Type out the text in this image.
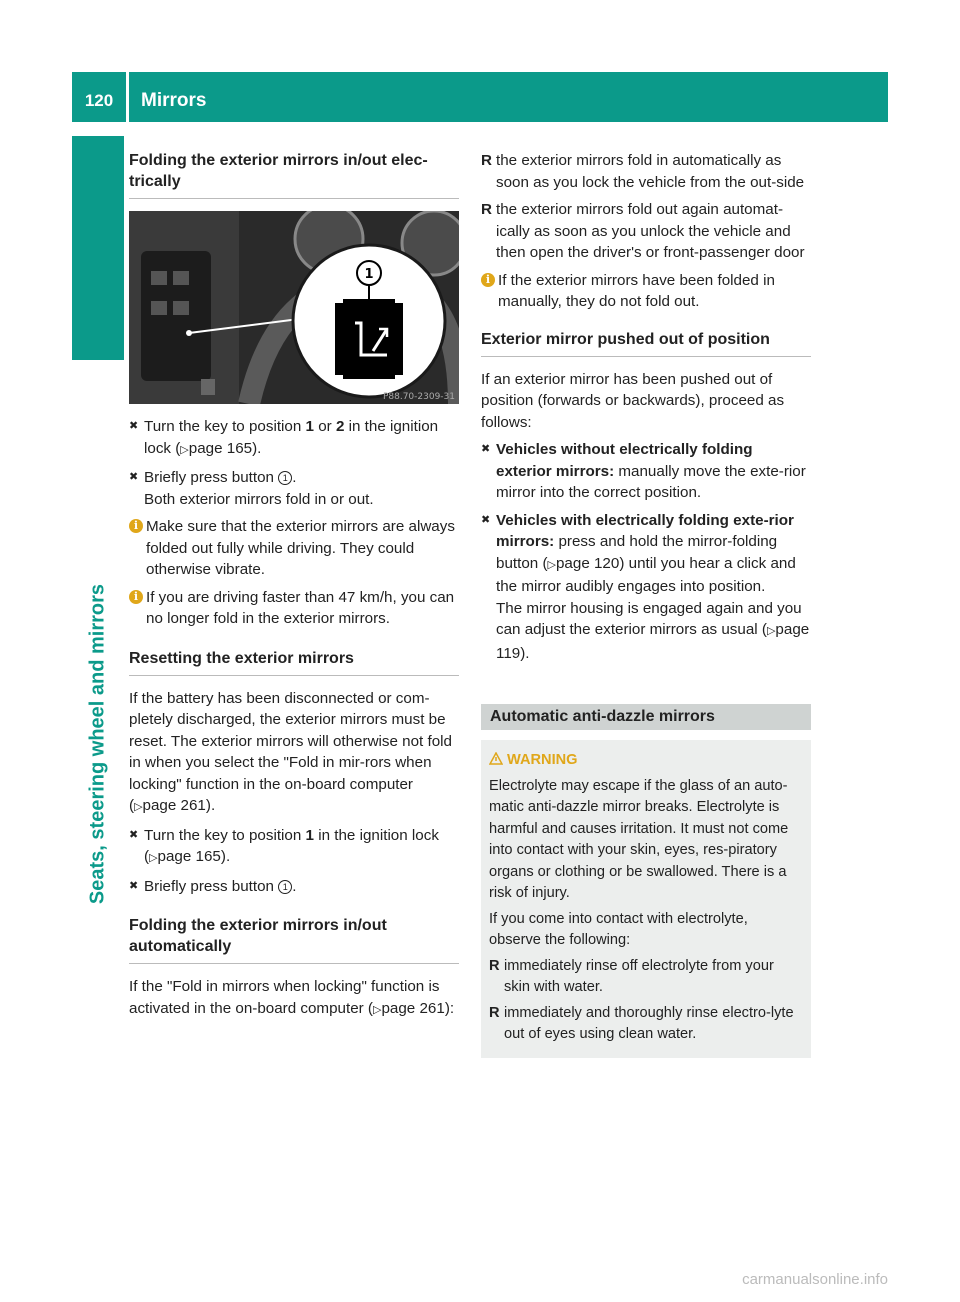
120	Mirrors
Seats, steering wheel and mirrors
Folding the exterior mirrors in/out elec-trically
1
P88.70-2309-31
✖ Turn the key to position 1 or 2 in the ignition lock (▷page 165).
✖ Briefly press button 1 .
Both exterior mirrors fold in or out.
i Make sure that the exterior mirrors are always folded out fully while driving. They could otherwise vibrate.
i If you are driving faster than 47 km/h, you can no longer fold in the exterior mirrors.
Resetting the exterior mirrors

If the battery has been disconnected or com-pletely discharged, the exterior mirrors must be reset. The exterior mirrors will otherwise not fold in when you select the "Fold in mir-rors when locking" function in the on-board computer (▷page 261).

✖ Turn the key to position 1 in the ignition lock (▷page 165).
✖ Briefly press button 1 .
Folding the exterior mirrors in/out automatically

If the "Fold in mirrors when locking" function is activated in the on-board computer (▷page 261):

R the exterior mirrors fold in automatically as soon as you lock the vehicle from the out-side
R the exterior mirrors fold out again automat-ically as soon as you unlock the vehicle and then open the driver's or front-passenger door
i If the exterior mirrors have been folded in manually, they do not fold out.
Exterior mirror pushed out of position

If an exterior mirror has been pushed out of position (forwards or backwards), proceed as follows:

✖ Vehicles without electrically folding exterior mirrors: manually move the exte-rior mirror into the correct position.
✖ Vehicles with electrically folding exte-rior mirrors: press and hold the mirror-folding button (▷page 120) until you hear a click and the mirror audibly engages into position.
The mirror housing is engaged again and you can adjust the exterior mirrors as usual (▷page 119).
Automatic anti-dazzle mirrors
WARNING

Electrolyte may escape if the glass of an auto-matic anti-dazzle mirror breaks. Electrolyte is harmful and causes irritation. It must not come into contact with your skin, eyes, res-piratory organs or clothing or be swallowed. There is a risk of injury.

If you come into contact with electrolyte, observe the following:

R immediately rinse off electrolyte from your skin with water.
R immediately and thoroughly rinse electro-lyte out of eyes using clean water.
carmanualsonline.info
